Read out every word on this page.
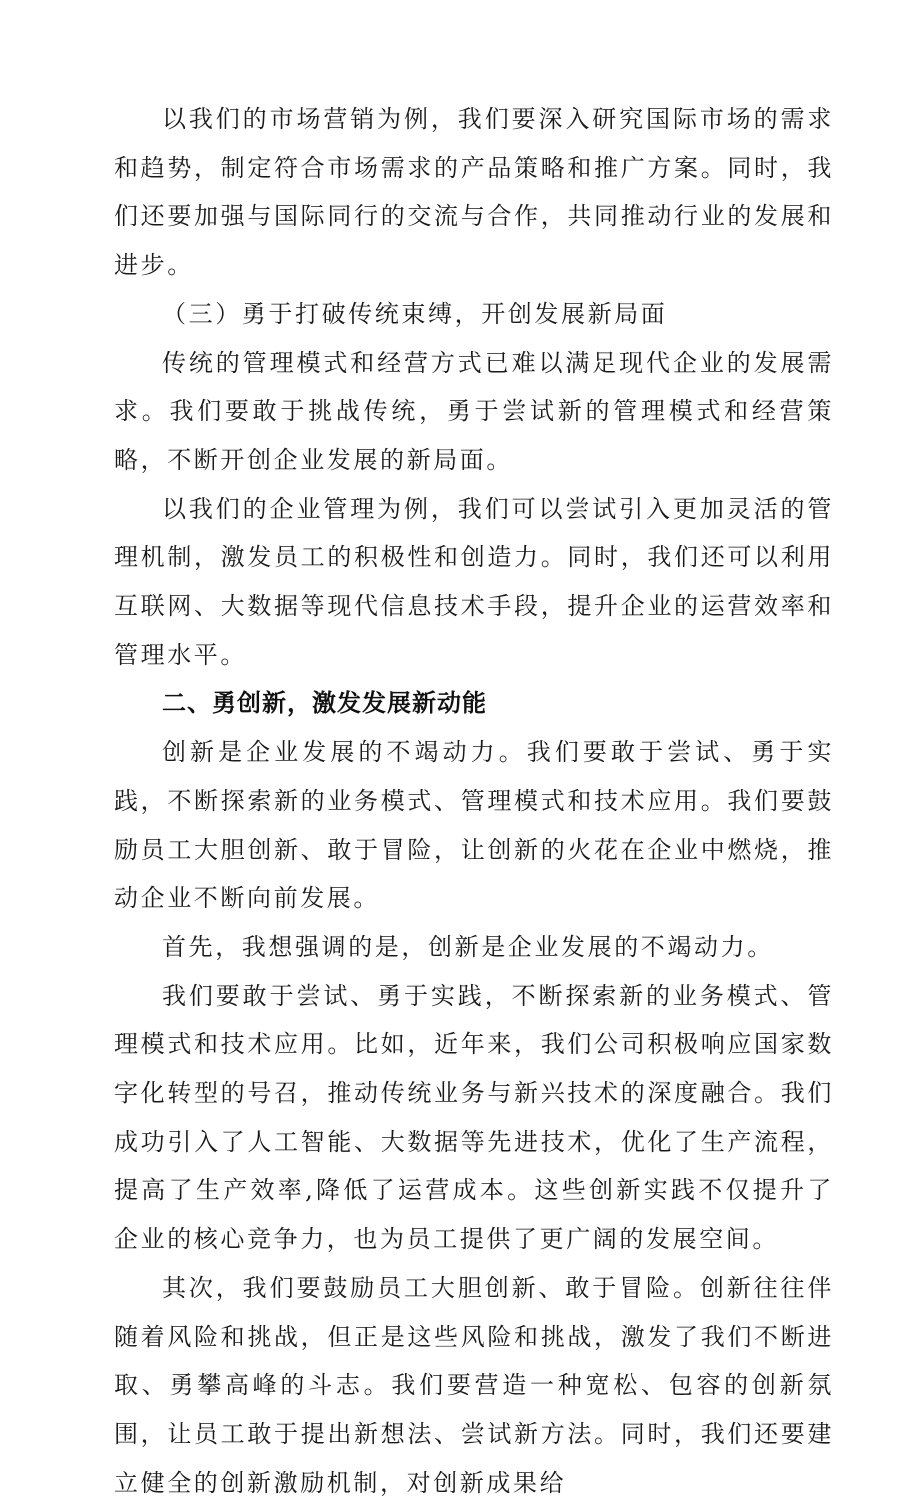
以我们的市场营销为例，我们要深入研究国际市场的需求和趋势，制定符合市场需求的产品策略和推广方案。同时，我们还要加强与国际同行的交流与合作，共同推动行业的发展和进步。

（三）勇于打破传统束缚，开创发展新局面

传统的管理模式和经营方式已难以满足现代企业的发展需求。我们要敢于挑战传统，勇于尝试新的管理模式和经营策略，不断开创企业发展的新局面。

以我们的企业管理为例，我们可以尝试引入更加灵活的管理机制，激发员工的积极性和创造力。同时，我们还可以利用互联网、大数据等现代信息技术手段，提升企业的运营效率和管理水平。

二、勇创新，激发发展新动能

创新是企业发展的不竭动力。我们要敢于尝试、勇于实践，不断探索新的业务模式、管理模式和技术应用。我们要鼓励员工大胆创新、敢于冒险，让创新的火花在企业中燃烧，推动企业不断向前发展。

首先，我想强调的是，创新是企业发展的不竭动力。

我们要敢于尝试、勇于实践，不断探索新的业务模式、管理模式和技术应用。比如，近年来，我们公司积极响应国家数字化转型的号召，推动传统业务与新兴技术的深度融合。我们成功引入了人工智能、大数据等先进技术，优化了生产流程，提高了生产效率,降低了运营成本。这些创新实践不仅提升了企业的核心竞争力，也为员工提供了更广阔的发展空间。

其次，我们要鼓励员工大胆创新、敢于冒险。创新往往伴随着风险和挑战，但正是这些风险和挑战，激发了我们不断进取、勇攀高峰的斗志。我们要营造一种宽松、包容的创新氛围，让员工敢于提出新想法、尝试新方法。同时，我们还要建立健全的创新激励机制，对创新成果给
